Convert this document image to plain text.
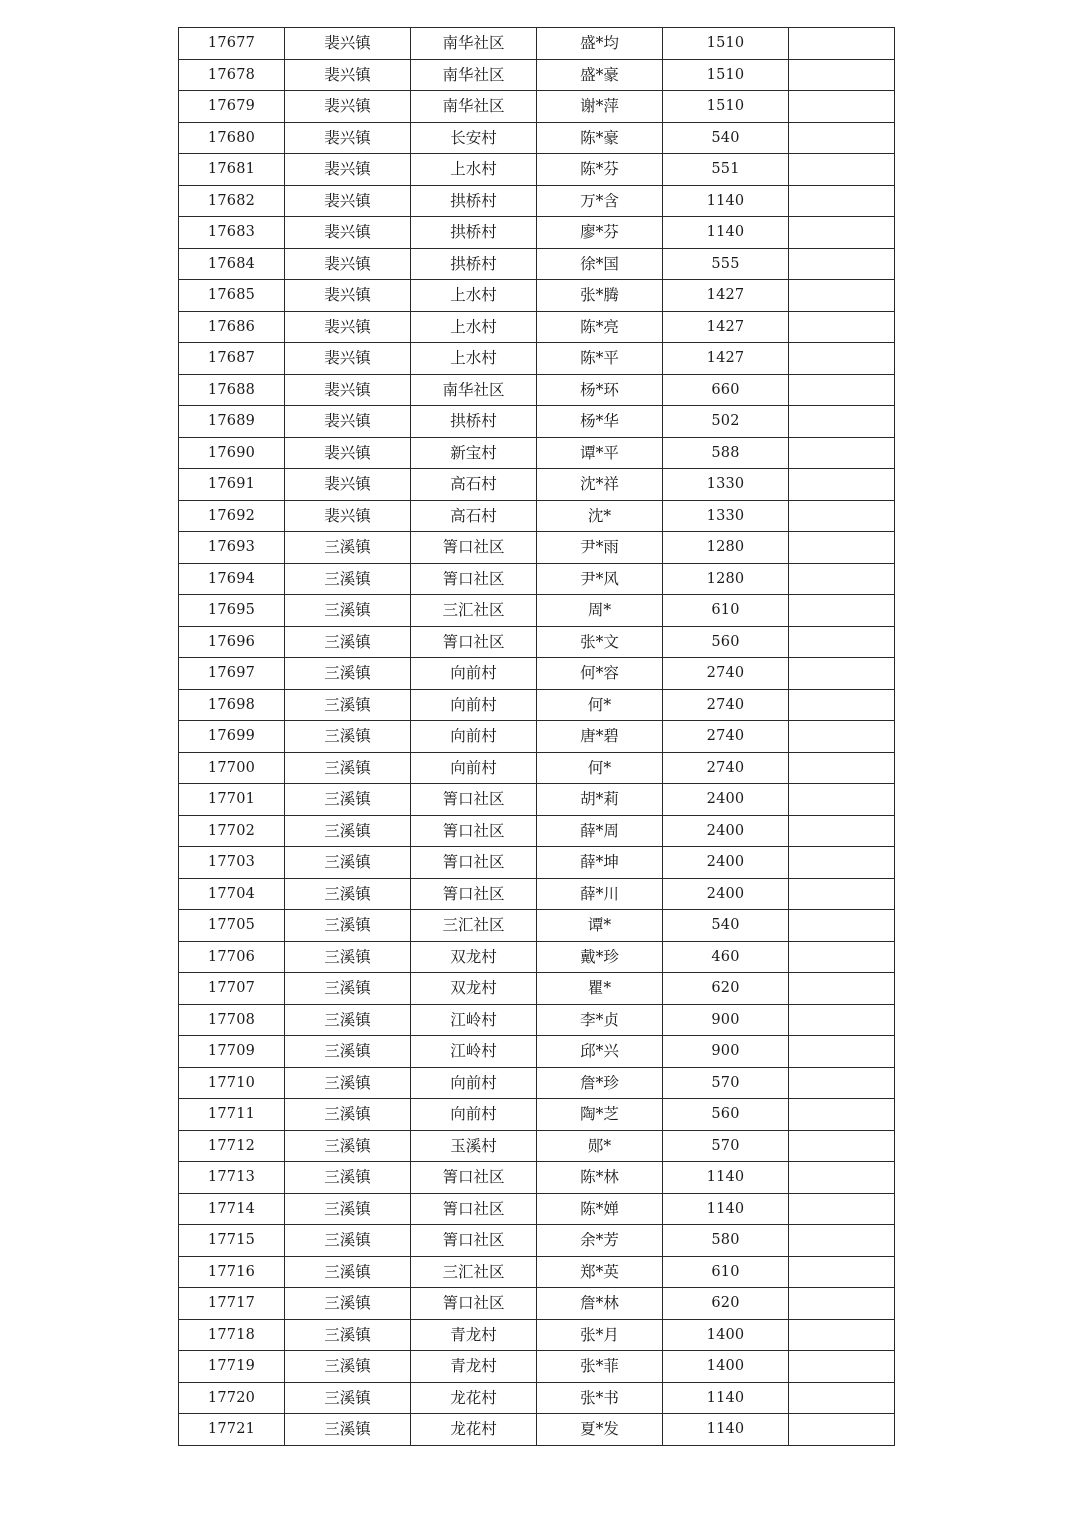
17677	裴兴镇	南华社区	盛*均	1510	
17678	裴兴镇	南华社区	盛*豪	1510	
17679	裴兴镇	南华社区	谢*萍	1510	
17680	裴兴镇	长安村	陈*豪	540	
17681	裴兴镇	上水村	陈*芬	551	
17682	裴兴镇	拱桥村	万*含	1140	
17683	裴兴镇	拱桥村	廖*芬	1140	
17684	裴兴镇	拱桥村	徐*国	555	
17685	裴兴镇	上水村	张*腾	1427	
17686	裴兴镇	上水村	陈*亮	1427	
17687	裴兴镇	上水村	陈*平	1427	
17688	裴兴镇	南华社区	杨*环	660	
17689	裴兴镇	拱桥村	杨*华	502	
17690	裴兴镇	新宝村	谭*平	588	
17691	裴兴镇	高石村	沈*祥	1330	
17692	裴兴镇	高石村	沈*	1330	
17693	三溪镇	箐口社区	尹*雨	1280	
17694	三溪镇	箐口社区	尹*风	1280	
17695	三溪镇	三汇社区	周*	610	
17696	三溪镇	箐口社区	张*文	560	
17697	三溪镇	向前村	何*容	2740	
17698	三溪镇	向前村	何*	2740	
17699	三溪镇	向前村	唐*碧	2740	
17700	三溪镇	向前村	何*	2740	
17701	三溪镇	箐口社区	胡*莉	2400	
17702	三溪镇	箐口社区	薛*周	2400	
17703	三溪镇	箐口社区	薛*坤	2400	
17704	三溪镇	箐口社区	薛*川	2400	
17705	三溪镇	三汇社区	谭*	540	
17706	三溪镇	双龙村	戴*珍	460	
17707	三溪镇	双龙村	瞿*	620	
17708	三溪镇	江岭村	李*贞	900	
17709	三溪镇	江岭村	邱*兴	900	
17710	三溪镇	向前村	詹*珍	570	
17711	三溪镇	向前村	陶*芝	560	
17712	三溪镇	玉溪村	郧*	570	
17713	三溪镇	箐口社区	陈*林	1140	
17714	三溪镇	箐口社区	陈*婵	1140	
17715	三溪镇	箐口社区	余*芳	580	
17716	三溪镇	三汇社区	郑*英	610	
17717	三溪镇	箐口社区	詹*林	620	
17718	三溪镇	青龙村	张*月	1400	
17719	三溪镇	青龙村	张*菲	1400	
17720	三溪镇	龙花村	张*书	1140	
17721	三溪镇	龙花村	夏*发	1140	
